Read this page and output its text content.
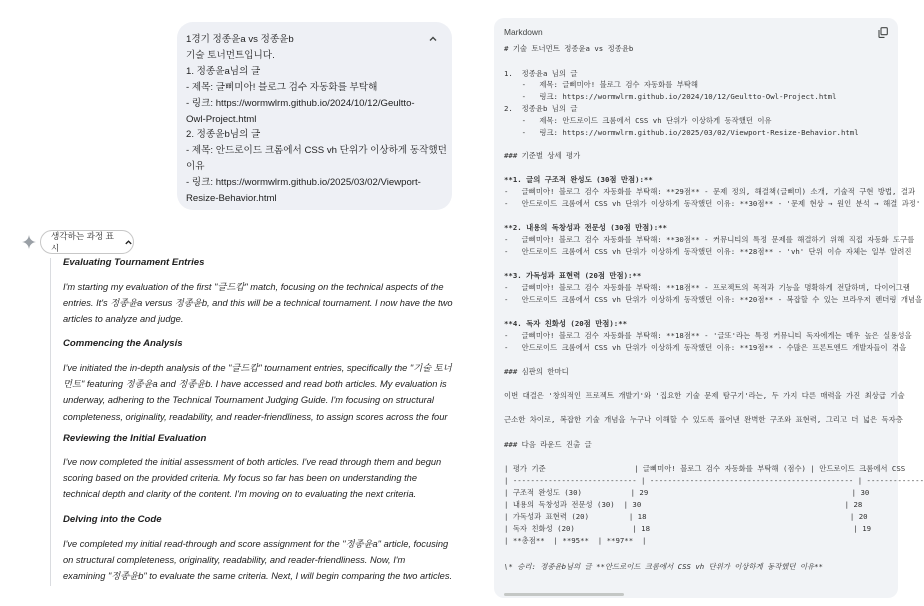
1경기 정종윤a vs 정종윤b
기술 토너먼트입니다.
1. 정종윤a님의 글
- 제목: 글삐미아! 블로그 검수 자동화를 부탁해
- 링크: https://wormwlrm.github.io/2024/10/12/Geultto-
Owl-Project.html
2. 정종윤b님의 글
- 제목: 안드로이드 크롬에서 CSS vh 단위가 이상하게 동작했던
이유
- 링크: https://wormwlrm.github.io/2025/03/02/Viewport-
Resize-Behavior.html
생각하는 과정 표시
Evaluating Tournament Entries
I'm starting my evaluation of the first "글드캅" match, focusing on the technical aspects of the
entries. It's 정종윤a versus 정종윤b, and this will be a technical tournament. I now have the two
articles to analyze and judge.
Commencing the Analysis
I've initiated the in-depth analysis of the "글드캅" tournament entries, specifically the "기술 토너
먼트" featuring 정종윤a and 정종윤b. I have accessed and read both articles. My evaluation is
underway, adhering to the Technical Tournament Judging Guide. I'm focusing on structural
completeness, originality, readability, and reader-friendliness, to assign scores across the four
Reviewing the Initial Evaluation
I've now completed the initial assessment of both articles. I've read through them and begun
scoring based on the provided criteria. My focus so far has been on understanding the
technical depth and clarity of the content. I'm moving on to evaluating the next criteria.
Delving into the Code
I've completed my initial read-through and score assignment for the "정종윤a" article, focusing
on structural completeness, originality, readability, and reader-friendliness. Now, I'm
examining "정종윤b" to evaluate the same criteria. Next, I will begin comparing the two articles.
Markdown
# 기술 토너먼트 정종윤a vs 정종윤b
1.  정종윤a 님의 글
-   제목: 글삐미아! 블로그 검수 자동화를 부탁해
-   링크: https://wormwlrm.github.io/2024/10/12/Geultto-Owl-Project.html
2.  정종윤b 님의 글
-   제목: 안드로이드 크롬에서 CSS vh 단위가 이상하게 동작했던 이유
-   링크: https://wormwlrm.github.io/2025/03/02/Viewport-Resize-Behavior.html
### 기준별 상세 평가
**1. 글의 구조적 완성도 (30점 만점):**
-   글삐미아! 블로그 검수 자동화를 부탁해: **29점** - 문제 정의, 해결책(글삐미) 소개, 기술적 구현 방법, 결과
-   안드로이드 크롬에서 CSS vh 단위가 이상하게 동작했던 이유: **30점** - '문제 현상 → 원인 분석 → 해결 과정'
**2. 내용의 독창성과 전문성 (30점 만점):**
-   글삐미아! 블로그 검수 자동화를 부탁해: **30점** - 커뮤니티의 특정 문제를 해결하기 위해 직접 자동화 도구를
-   안드로이드 크롬에서 CSS vh 단위가 이상하게 동작했던 이유: **28점** - 'vh' 단위 이슈 자체는 일부 알려진
**3. 가독성과 표현력 (20점 만점):**
-   글삐미아! 블로그 검수 자동화를 부탁해: **18점** - 프로젝트의 목적과 기능을 명확하게 전달하며, 다이어그램
-   안드로이드 크롬에서 CSS vh 단위가 이상하게 동작했던 이유: **20점** - 복잡할 수 있는 브라우저 렌더링 개념을
**4. 독자 친화성 (20점 만점):**
-   글삐미아! 블로그 검수 자동화를 부탁해: **18점** - '글또'라는 특정 커뮤니티 독자에게는 매우 높은 실용성을
-   안드로이드 크롬에서 CSS vh 단위가 이상하게 동작했던 이유: **19점** - 수많은 프론트엔드 개발자들이 겪을
### 심판의 한마디
이번 대결은 '창의적인 프로젝트 개발기'와 '집요한 기술 문제 탐구기'라는, 두 가지 다른 매력을 가진 최상급 기술
근소한 차이로, 복잡한 기술 개념을 누구나 이해할 수 있도록 풀어낸 완벽한 구조와 표현력, 그리고 더 넓은 독자층
### 다음 라운드 진출 글
| 평가 기준                    | 글삐미아! 블로그 검수 자동화를 부탁해 (점수) | 안드로이드 크롬에서 CSS
| ---------------------------- | ---------------------------------------------- | -------------
| 구조적 완성도 (30)           | 29                                              | 30
| 내용의 독창성과 전문성 (30)  | 30                                              | 28
| 가독성과 표현력 (20)         | 18                                              | 20
| 독자 친화성 (20)             | 18                                              | 19
| **총점**  | **95**  | **97**  |
\* 승리: 정종윤b님의 글 **안드로이드 크롬에서 CSS vh 단위가 이상하게 동작했던 이유**
